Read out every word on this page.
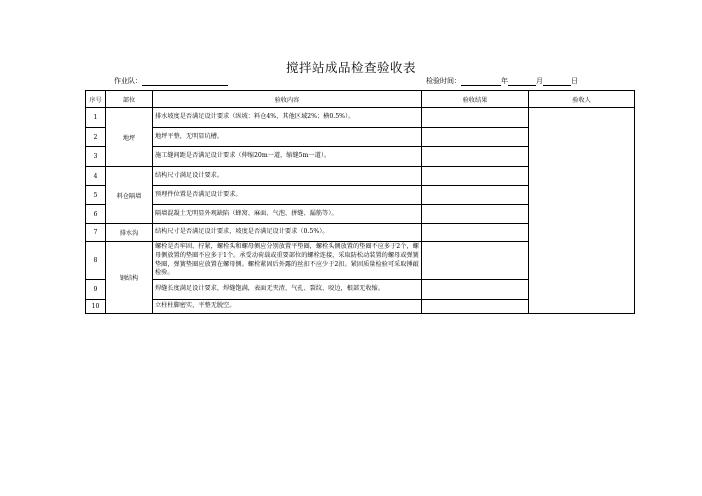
搅拌站成品检查验收表
作业队：	检验时间：	年	月	日
序号	部位	验收内容	验收结果	验收人
1	地坪	排水坡度是否满足设计要求（纵坡：料仓4%，其他区域2%；横0.5%）。		
2		地坪平整，无明显坑槽。		
3		施工缝间距是否满足设计要求（伸缩20m一道，缩缝5m一道）。		
4	料仓隔墙	结构尺寸满足设计要求。		
5		预埋件位置是否满足设计要求。		
6		隔墙混凝土无明显外观缺陷（蜂窝、麻面、气泡、拼缝、漏筋等）。		
7	排水沟	结构尺寸是否满足设计要求，坡度是否满足设计要求（0.5%）。		
8	钢结构	螺栓是否牢固、拧紧，螺栓头和螺母侧应分别放置平垫圈，螺栓头侧放置的垫圈不应多于2个，螺母侧放置的垫圈不应多于1个。承受动荷载或重要部位的螺栓连接，采取防松动装置的螺母或弹簧垫圈，弹簧垫圈应放置在螺母侧。螺栓紧固后外露的丝扣不应少于2扣。紧固质量检验可采取锤敲检验。		
9		焊缝长度满足设计要求，焊缝饱满，表面无夹渣、气孔、裂纹、咬边，根部无收缩。		
10		立柱柱脚密实，平整无脱空。		
